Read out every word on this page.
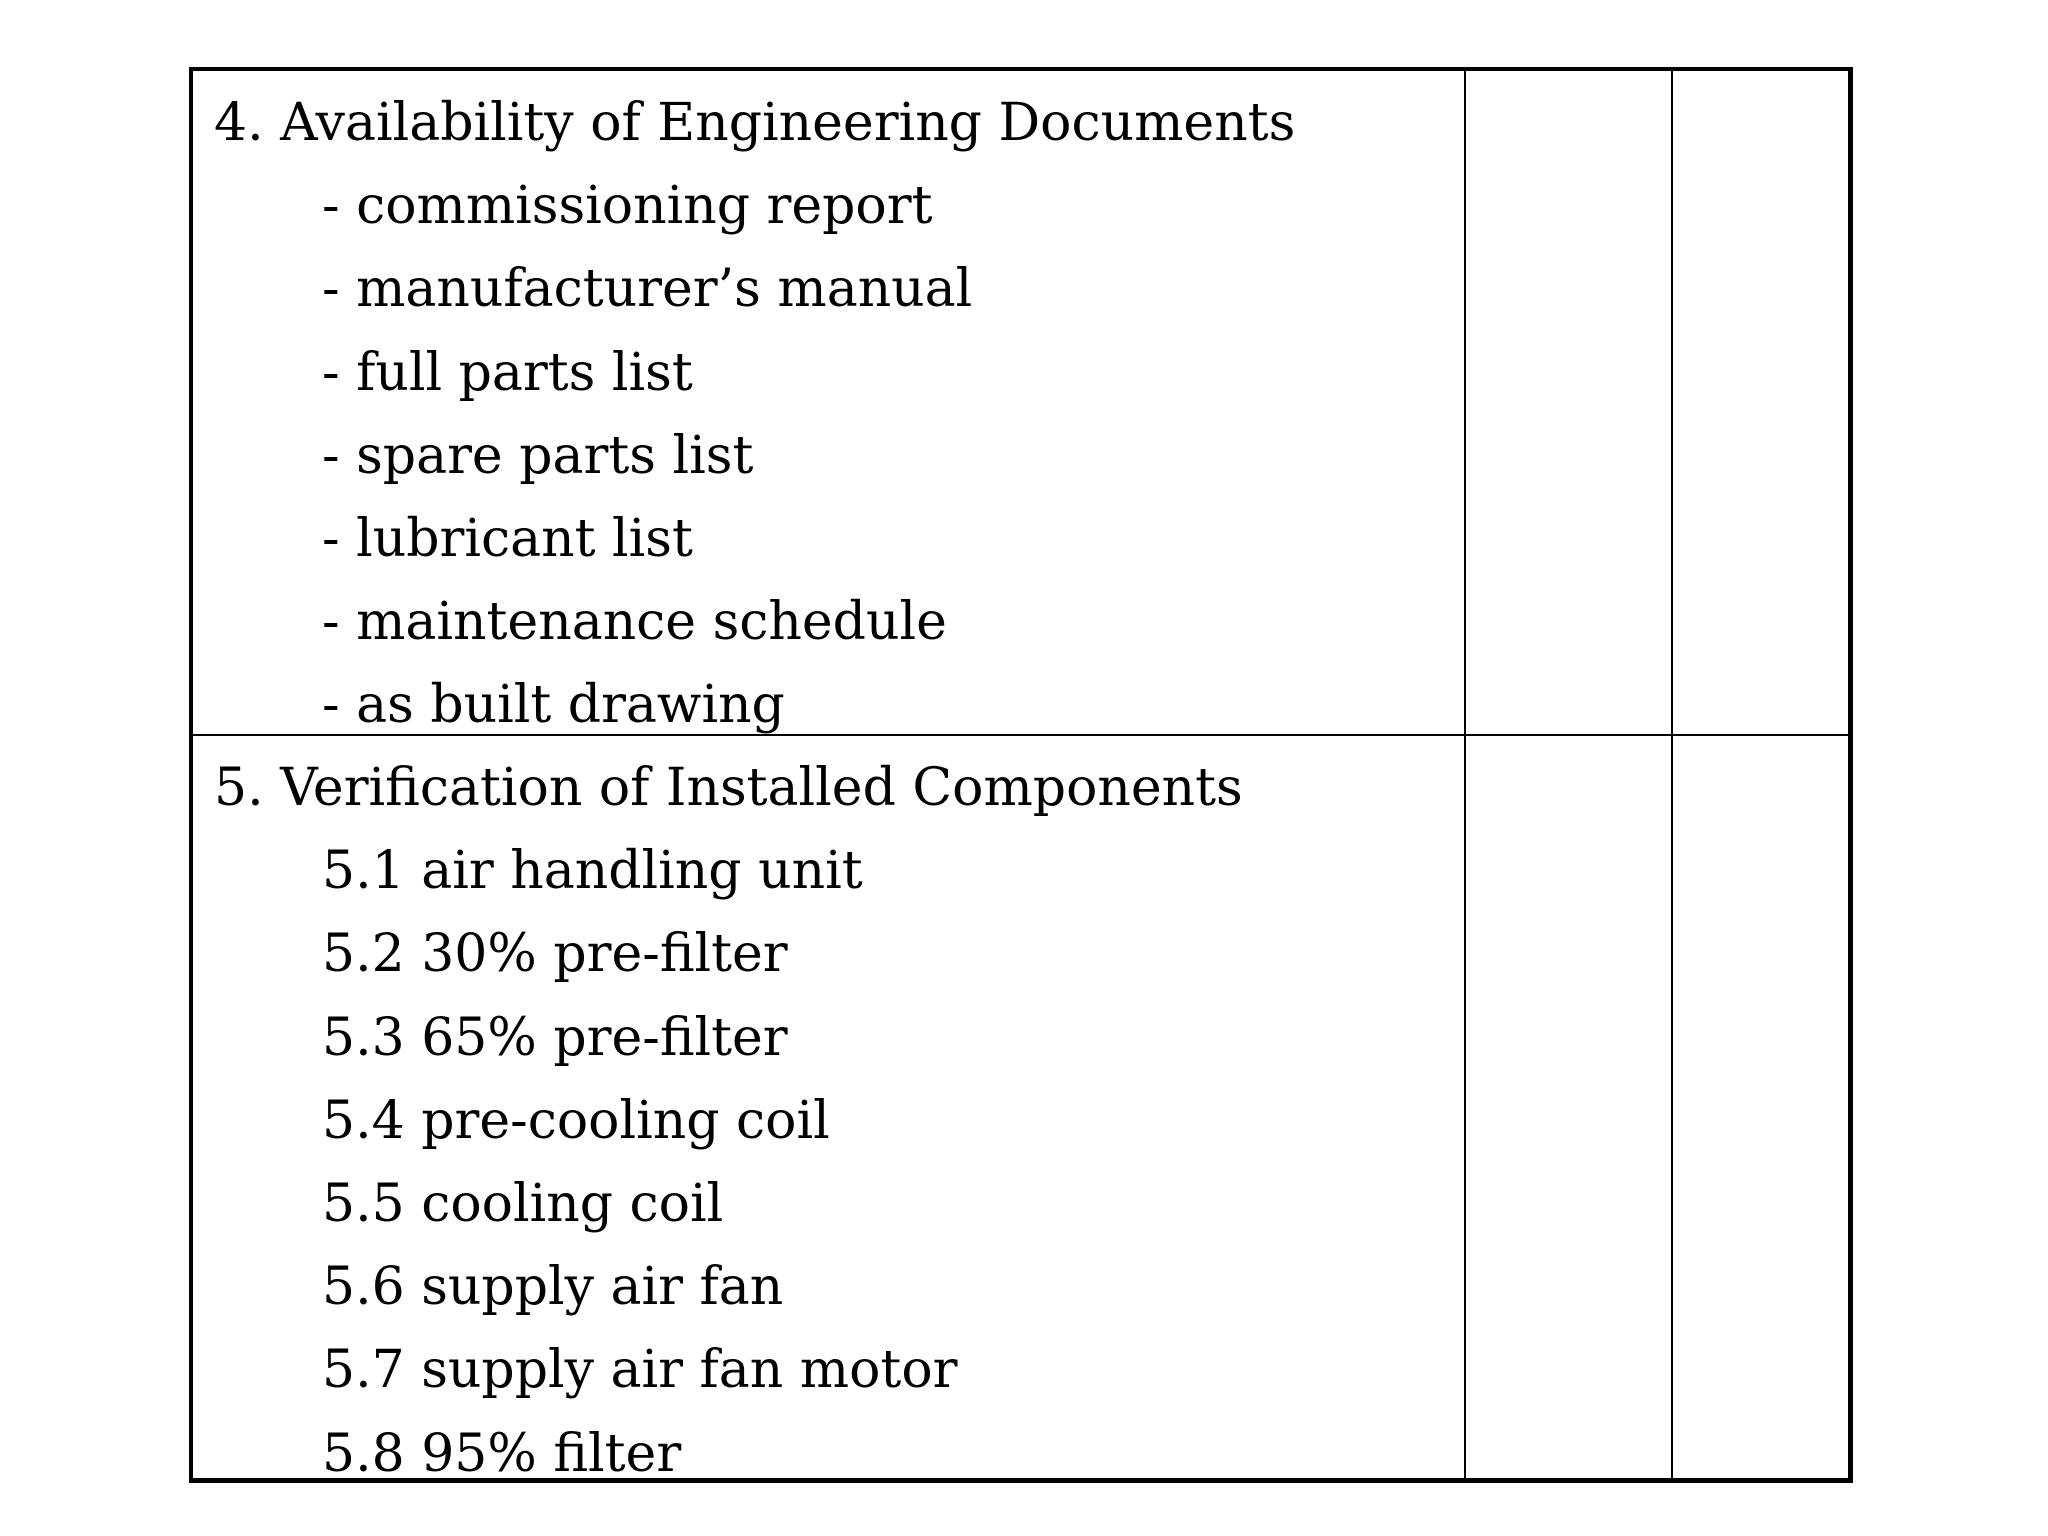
4. Availability of Engineering Documents
- commissioning report
- manufacturer’s manual
- full parts list
- spare parts list
- lubricant list
- maintenance schedule
- as built drawing
5. Verification of Installed Components
5.1 air handling unit
5.2 30% pre-filter
5.3 65% pre-filter
5.4 pre-cooling coil
5.5 cooling coil
5.6 supply air fan
5.7 supply air fan motor
5.8 95% filter
